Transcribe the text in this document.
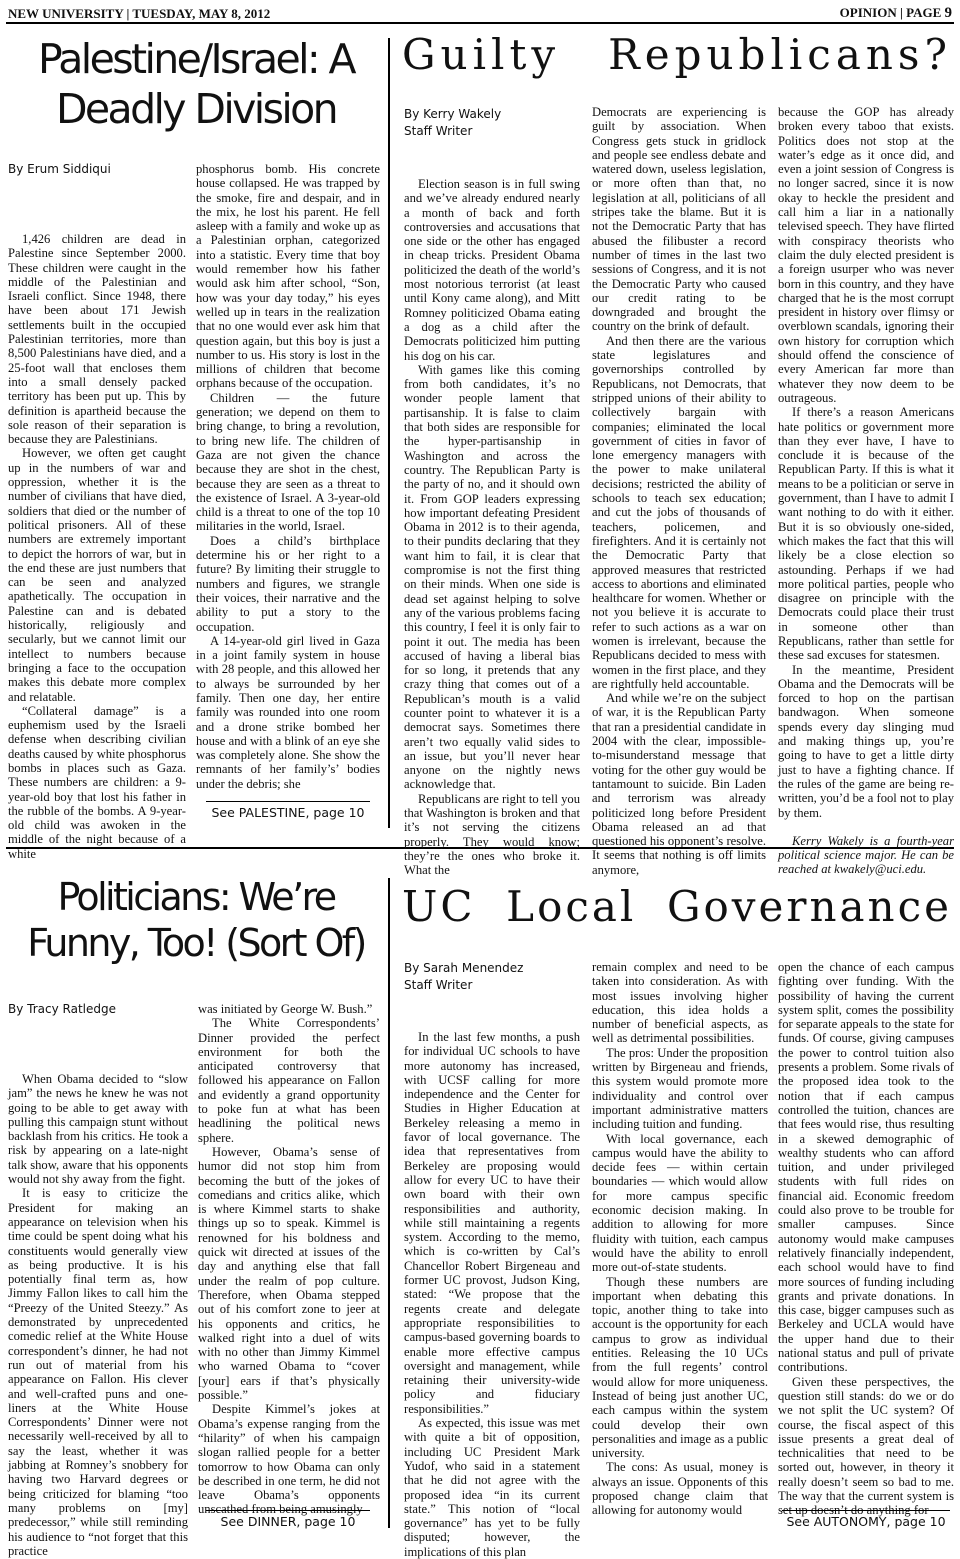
NEW UNIVERSITY | TUESDAY, MAY 8, 2012	OPINION | PAGE 9
Palestine/Israel: A
Deadly Division
By Erum Siddiqui

1,426 children are dead in Palestine since September 2000. These children were caught in the middle of the Palestinian and Israeli conflict. Since 1948, there have been about 171 Jewish settlements built in the occupied Palestinian territories, more than 8,500 Palestinians have died, and a 25-foot wall that encloses them into a small densely packed territory has been put up. This by definition is apartheid because the sole reason of their separation is because they are Palestinians.

However, we often get caught up in the numbers of war and oppression, whether it is the number of civilians that have died, soldiers that died or the number of political prisoners. All of these numbers are extremely important to depict the horrors of war, but in the end these are just numbers that can be seen and analyzed apathetically. The occupation in Palestine can and is debated historically, religiously and secularly, but we cannot limit our intellect to numbers because bringing a face to the occupation makes this debate more complex and relatable.

“Collateral damage” is a euphemism used by the Israeli defense when describing civilian deaths caused by white phosphorus bombs in places such as Gaza. These numbers are children: a 9-year-old boy that lost his father in the rubble of the bombs. A 9-year-old child was awoken in the middle of the night because of a white

phosphorus bomb. His concrete house collapsed. He was trapped by the smoke, fire and despair, and in the mix, he lost his parent. He fell asleep with a family and woke up as a Palestinian orphan, categorized into a statistic. Every time that boy would remember how his father would ask him after school, “Son, how was your day today,” his eyes welled up in tears in the realization that no one would ever ask him that question again, but this boy is just a number to us. His story is lost in the millions of children that become orphans because of the occupation.

Children — the future generation; we depend on them to bring change, to bring a revolution, to bring new life. The children of Gaza are not given the chance because they are shot in the chest, because they are seen as a threat to the existence of Israel. A 3-year-old child is a threat to one of the top 10 militaries in the world, Israel.

Does a child’s birthplace determine his or her right to a future? By limiting their struggle to numbers and figures, we strangle their voices, their narrative and the ability to put a story to the occupation.

A 14-year-old girl lived in Gaza in a joint family system in house with 28 people, and this allowed her to always be surrounded by her family. Then one day, her entire family was rounded into one room and a drone strike bombed her house and with a blink of an eye she was completely alone. She show the remnants of her family’s’ bodies under the debris; she

See PALESTINE, page 10
Guilty Republicans?
By Kerry Wakely
Staff Writer

Election season is in full swing and we’ve already endured nearly a month of back and forth controversies and accusations that one side or the other has engaged in cheap tricks. President Obama politicized the death of the world’s most notorious terrorist (at least until Kony came along), and Mitt Romney politicized Obama eating a dog as a child after the Democrats politicized him putting his dog on his car.

With games like this coming from both candidates, it’s no wonder people lament that partisanship. It is false to claim that both sides are responsible for the hyper-partisanship in Washington and across the country. The Republican Party is the party of no, and it should own it. From GOP leaders expressing how important defeating President Obama in 2012 is to their agenda, to their pundits declaring that they want him to fail, it is clear that compromise is not the first thing on their minds. When one side is dead set against helping to solve any of the various problems facing this country, I feel it is only fair to point it out. The media has been accused of having a liberal bias for so long, it pretends that any crazy thing that comes out of a Republican’s mouth is a valid counter point to whatever it is a democrat says. Sometimes there aren’t two equally valid sides to an issue, but you’ll never hear anyone on the nightly news acknowledge that.

Republicans are right to tell you that Washington is broken and that it’s not serving the citizens properly. They would know; they’re the ones who broke it. What the

Democrats are experiencing is guilt by association. When Congress gets stuck in gridlock and people see endless debate and watered down, useless legislation, or more often than that, no legislation at all, politicians of all stripes take the blame. But it is not the Democratic Party that has abused the filibuster a record number of times in the last two sessions of Congress, and it is not the Democratic Party who caused our credit rating to be downgraded and brought the country on the brink of default.

And then there are the various state legislatures and governorships controlled by Republicans, not Democrats, that stripped unions of their ability to collectively bargain with companies; eliminated the local government of cities in favor of lone emergency managers with the power to make unilateral decisions; restricted the ability of schools to teach sex education; and cut the jobs of thousands of teachers, policemen, and firefighters. And it is certainly not the Democratic Party that approved measures that restricted access to abortions and eliminated healthcare for women. Whether or not you believe it is accurate to refer to such actions as a war on women is irrelevant, because the Republicans decided to mess with women in the first place, and they are rightfully held accountable.

And while we’re on the subject of war, it is the Republican Party that ran a presidential candidate in 2004 with the clear, impossible-to-misunderstand message that voting for the other guy would be tantamount to suicide. Bin Laden and terrorism was already politicized long before President Obama released an ad that questioned his opponent’s resolve. It seems that nothing is off limits anymore,

because the GOP has already broken every taboo that exists. Politics does not stop at the water’s edge as it once did, and even a joint session of Congress is no longer sacred, since it is now okay to heckle the president and call him a liar in a nationally televised speech. They have flirted with conspiracy theorists who claim the duly elected president is a foreign usurper who was never born in this country, and they have charged that he is the most corrupt president in history over flimsy or overblown scandals, ignoring their own history for corruption which should offend the conscience of every American far more than whatever they now deem to be outrageous.

If there’s a reason Americans hate politics or government more than they ever have, I have to conclude it is because of the Republican Party. If this is what it means to be a politician or serve in government, than I have to admit I want nothing to do with it either. But it is so obviously one-sided, which makes the fact that this will likely be a close election so astounding. Perhaps if we had more political parties, people who disagree on principle with the Democrats could place their trust in someone other than Republicans, rather than settle for these sad excuses for statesmen.

In the meantime, President Obama and the Democrats will be forced to hop on the partisan bandwagon. When someone spends every day slinging mud and making things up, you’re going to have to get a little dirty just to have a fighting chance. If the rules of the game are being re-written, you’d be a fool not to play by them.

Kerry Wakely is a fourth-year political science major. He can be reached at kwakely@uci.edu.

Politicians: We’re
Funny, Too! (Sort Of)
By Tracy Ratledge

When Obama decided to “slow jam” the news he knew he was not going to be able to get away with pulling this campaign stunt without backlash from his critics. He took a risk by appearing on a late-night talk show, aware that his opponents would not shy away from the fight.

It is easy to criticize the President for making an appearance on television when his time could be spent doing what his constituents would generally view as being productive. It is his potentially final term as, how Jimmy Fallon likes to call him the “Preezy of the United Steezy.” As demonstrated by unprecedented comedic relief at the White House correspondent’s dinner, he had not run out of material from his appearance on Fallon. His clever and well-crafted puns and one-liners at the White House Correspondents’ Dinner were not necessarily well-received by all to say the least, whether it was jabbing at Romney’s snobbery for having two Harvard degrees or being criticized for blaming “too many problems on [my] predecessor,” while still reminding his audience to “not forget that this practice

was initiated by George W. Bush.”

The White Correspondents’ Dinner provided the perfect environment for both the anticipated controversy that followed his appearance on Fallon and evidently a grand opportunity to poke fun at what has been headlining the political news sphere.

However, Obama’s sense of humor did not stop him from becoming the butt of the jokes of comedians and critics alike, which is where Kimmel starts to shake things up so to speak. Kimmel is renowned for his boldness and quick wit directed at issues of the day and anything else that fall under the realm of pop culture. Therefore, when Obama stepped out of his comfort zone to jeer at his opponents and critics, he walked right into a duel of wits with no other than Jimmy Kimmel who warned Obama to “cover [your] ears if that’s physically possible.”

Despite Kimmel’s jokes at Obama’s expense ranging from the “hilarity” of when his campaign slogan rallied people for a better tomorrow to how Obama can only be described in one term, he did not leave Obama’s opponents unscathed from being amusingly

See DINNER, page 10
UC Local Governance
By Sarah Menendez
Staff Writer

In the last few months, a push for individual UC schools to have more autonomy has increased, with UCSF calling for more independence and the Center for Studies in Higher Education at Berkeley releasing a memo in favor of local governance. The idea that representatives from Berkeley are proposing would allow for every UC to have their own board with their own responsibilities and authority, while still maintaining a regents system. According to the memo, which is co-written by Cal’s Chancellor Robert Birgeneau and former UC provost, Judson King, stated: “We propose that the regents create and delegate appropriate responsibilities to campus-based governing boards to enable more effective campus oversight and management, while retaining their university-wide policy and fiduciary responsibilities.”

As expected, this issue was met with quite a bit of opposition, including UC President Mark Yudof, who said in a statement that he did not agree with the proposed idea “in its current state.” This notion of “local governance” has yet to be fully disputed; however, the implications of this plan

remain complex and need to be taken into consideration. As with most issues involving higher education, this idea holds a number of beneficial aspects, as well as detrimental possibilities.

The pros: Under the proposition written by Birgeneau and friends, this system would promote more individuality and control over important administrative matters including tuition and funding.

With local governance, each campus would have the ability to decide fees — within certain boundaries — which would allow for more campus specific economic decision making. In addition to allowing for more fluidity with tuition, each campus would have the ability to enroll more out-of-state students.

Though these numbers are important when debating this topic, another thing to take into account is the opportunity for each campus to grow as individual entities. Releasing the 10 UCs from the full regents’ control would allow for more uniqueness. Instead of being just another UC, each campus within the system could develop their own personalities and image as a public university.

The cons: As usual, money is always an issue. Opponents of this proposed change claim that allowing for autonomy would

open the chance of each campus fighting over funding. With the possibility of having the current system split, comes the possibility for separate appeals to the state for funds. Of course, giving campuses the power to control tuition also presents a problem. Some rivals of the proposed idea took to the notion that if each campus controlled the tuition, chances are that fees would rise, thus resulting in a skewed demographic of wealthy students who can afford tuition, and under privileged students with full rides on financial aid. Economic freedom could also prove to be trouble for smaller campuses. Since autonomy would make campuses relatively financially independent, each school would have to find more sources of funding including grants and private donations. In this case, bigger campuses such as Berkeley and UCLA would have the upper hand due to their national status and pull of private contributions.

Given these perspectives, the question still stands: do we or do we not split the UC system? Of course, the fiscal aspect of this issue presents a great deal of technicalities that need to be sorted out, however, in theory it really doesn’t seem so bad to me. The way that the current system is set up doesn’t do anything for

See AUTONOMY, page 10
